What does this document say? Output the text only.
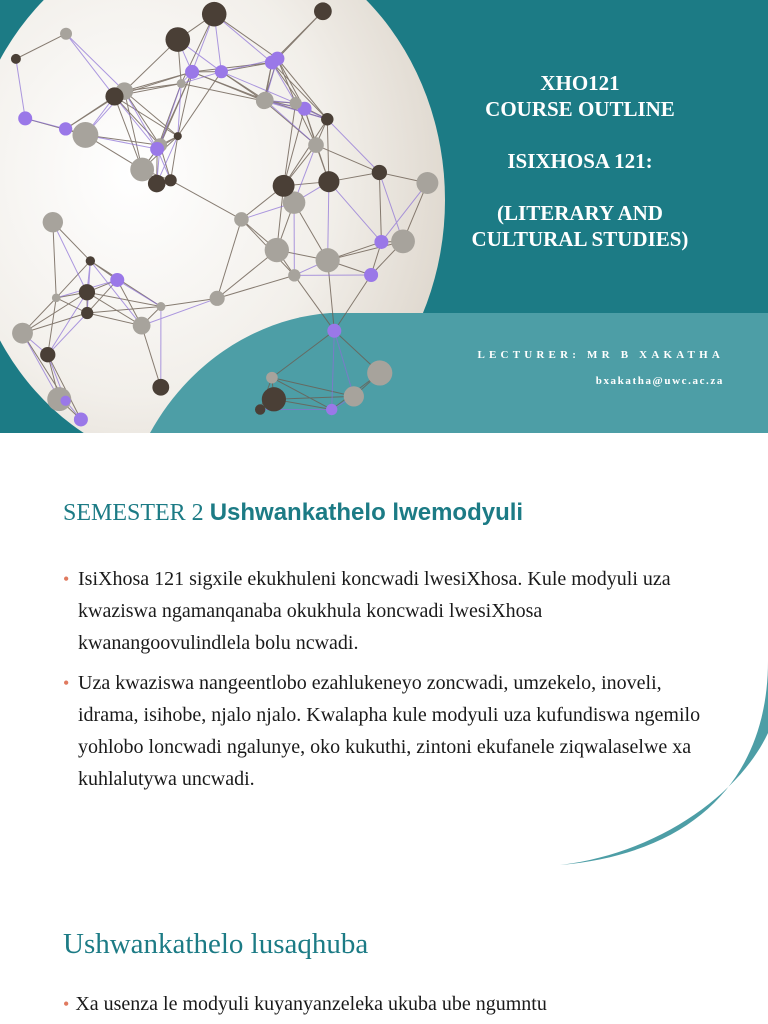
XHO121
COURSE OUTLINE
ISIXHOSA 121:
(LITERARY AND
CULTURAL STUDIES)
LECTURER: MR B XAKATHA
bxakatha@uwc.ac.za
SEMESTER 2 Ushwankathelo lwemodyuli
• IsiXhosa 121 sigxile ekukhuleni koncwadi lwesiXhosa. Kule modyuli uza kwaziswa ngamanqanaba okukhula koncwadi lwesiXhosa kwanangoovulindlela bolu ncwadi.
• Uza kwaziswa nangeentlobo ezahlukeneyo zoncwadi, umzekelo, inoveli, idrama, isihobe, njalo njalo. Kwalapha kule modyuli uza kufundiswa ngemilo yohlobo loncwadi ngalunye, oko kukuthi, zintoni ekufanele ziqwalaselwe xa kuhlalutywa uncwadi.
Ushwankathelo lusaqhuba
• Xa usenza le modyuli kuyanyanzeleka ukuba ube ngumntu
